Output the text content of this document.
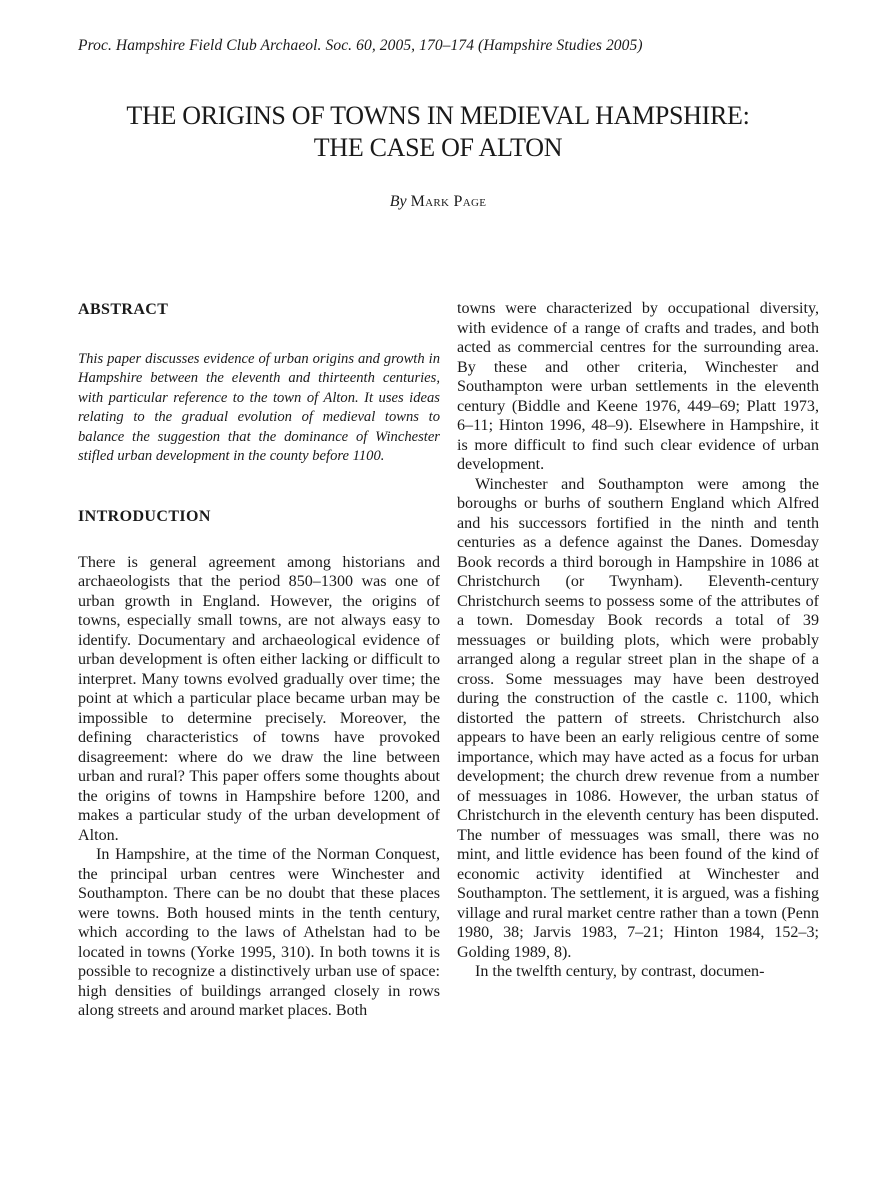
Proc. Hampshire Field Club Archaeol. Soc. 60, 2005, 170–174 (Hampshire Studies 2005)
THE ORIGINS OF TOWNS IN MEDIEVAL HAMPSHIRE:
THE CASE OF ALTON
By Mark Page
ABSTRACT

This paper discusses evidence of urban origins and growth in Hampshire between the eleventh and thirteenth centuries, with particular reference to the town of Alton. It uses ideas relating to the gradual evolution of medieval towns to balance the suggestion that the dominance of Winchester stifled urban development in the county before 1100.

INTRODUCTION

There is general agreement among historians and archaeologists that the period 850–1300 was one of urban growth in England. However, the origins of towns, especially small towns, are not always easy to identify. Documentary and archaeological evidence of urban development is often either lacking or difficult to interpret. Many towns evolved gradually over time; the point at which a particular place became urban may be impossible to determine precisely. Moreover, the defining characteristics of towns have provoked disagreement: where do we draw the line between urban and rural? This paper offers some thoughts about the origins of towns in Hampshire before 1200, and makes a particular study of the urban development of Alton.

In Hampshire, at the time of the Norman Conquest, the principal urban centres were Winchester and Southampton. There can be no doubt that these places were towns. Both housed mints in the tenth century, which according to the laws of Athelstan had to be located in towns (Yorke 1995, 310). In both towns it is possible to recognize a distinctively urban use of space: high densities of buildings arranged closely in rows along streets and around market places. Both

towns were characterized by occupational diversity, with evidence of a range of crafts and trades, and both acted as commercial centres for the surrounding area. By these and other criteria, Winchester and Southampton were urban settlements in the eleventh century (Biddle and Keene 1976, 449–69; Platt 1973, 6–11; Hinton 1996, 48–9). Elsewhere in Hampshire, it is more difficult to find such clear evidence of urban development.

Winchester and Southampton were among the boroughs or burhs of southern England which Alfred and his successors fortified in the ninth and tenth centuries as a defence against the Danes. Domesday Book records a third borough in Hampshire in 1086 at Christchurch (or Twynham). Eleventh-century Christchurch seems to possess some of the attributes of a town. Domesday Book records a total of 39 messuages or building plots, which were probably arranged along a regular street plan in the shape of a cross. Some messuages may have been destroyed during the construction of the castle c. 1100, which distorted the pattern of streets. Christchurch also appears to have been an early religious centre of some importance, which may have acted as a focus for urban development; the church drew revenue from a number of messuages in 1086. However, the urban status of Christchurch in the eleventh century has been disputed. The number of messuages was small, there was no mint, and little evidence has been found of the kind of economic activity identified at Winchester and Southampton. The settlement, it is argued, was a fishing village and rural market centre rather than a town (Penn 1980, 38; Jarvis 1983, 7–21; Hinton 1984, 152–3; Golding 1989, 8).

In the twelfth century, by contrast, documen-
